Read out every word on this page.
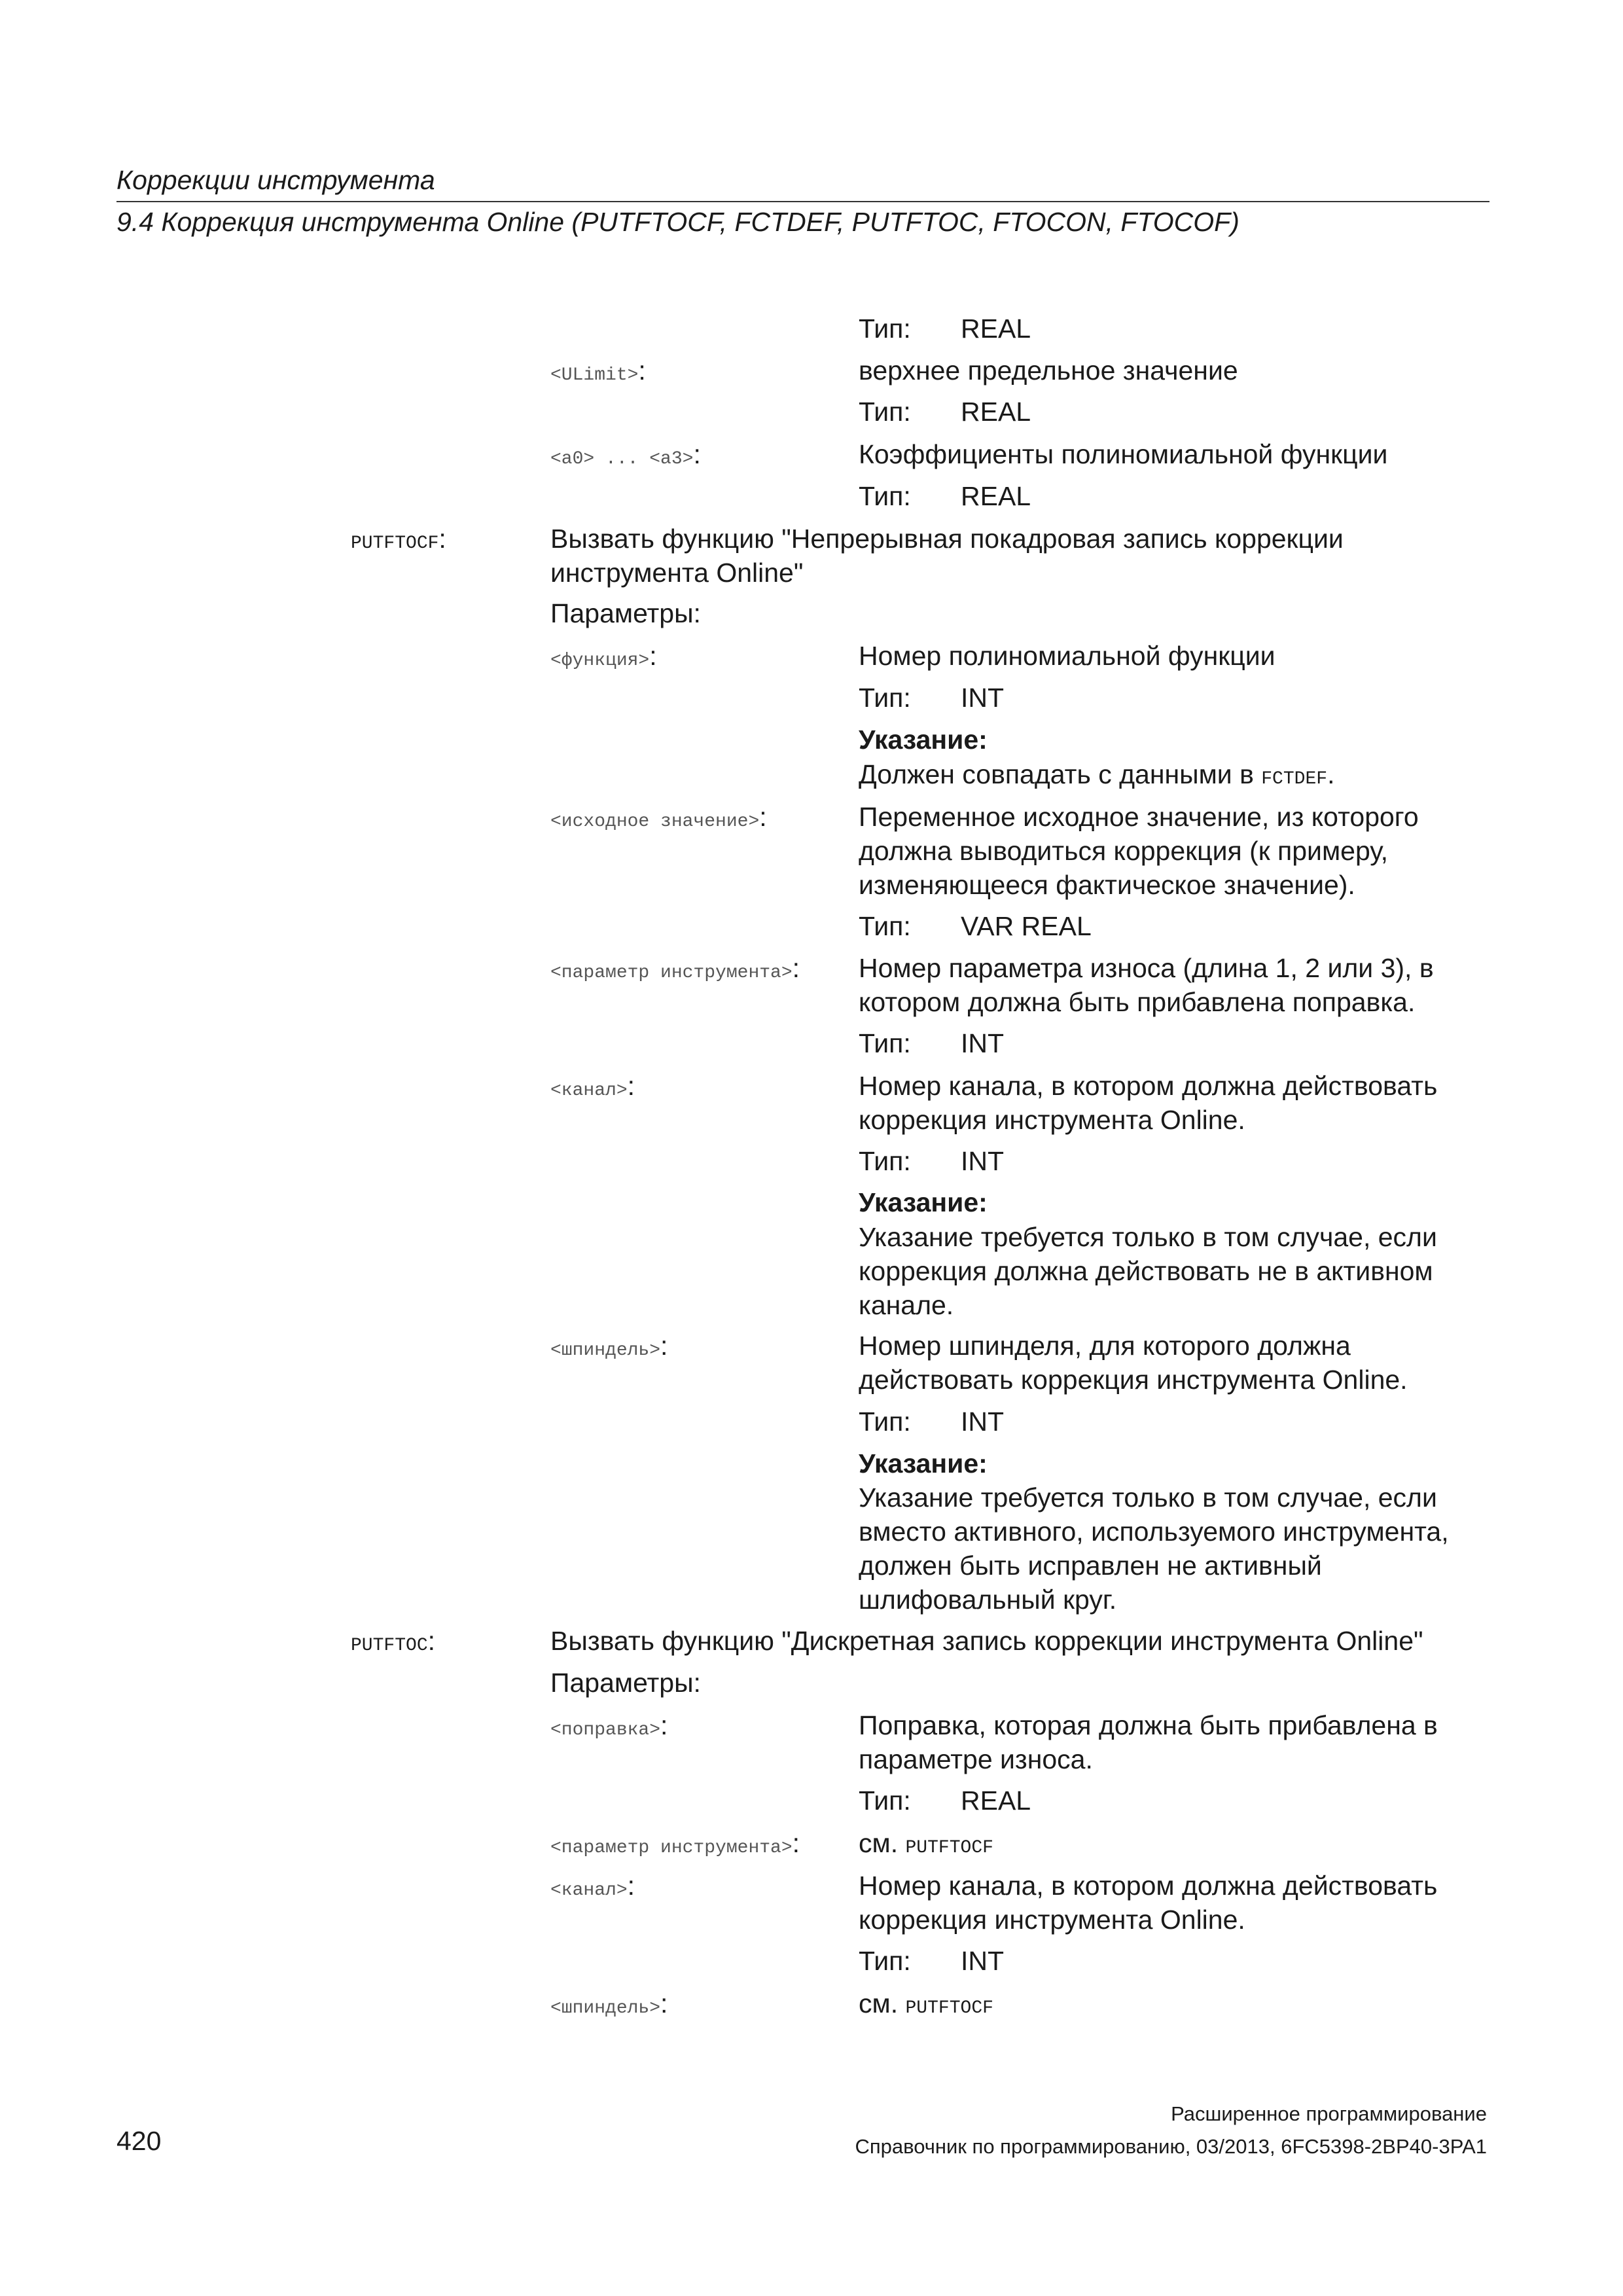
Коррекции инструмента
9.4 Коррекция инструмента Online (PUTFTOCF, FCTDEF, PUTFTOC, FTOCON, FTOCOF)
Тип: REAL
<ULimit>:	верхнее предельное значение
Тип: REAL
<a0> ... <a3>:	Коэффициенты полиномиальной функции
Тип: REAL
PUTFTOCF:	Вызвать функцию "Непрерывная покадровая запись коррекции
инструмента Online"
Параметры:
<функция>:	Номер полиномиальной функции
Тип: INT
Указание:
Должен совпадать с данными в FCTDEF.
<исходное значение>:	Переменное исходное значение, из которого
должна выводиться коррекция (к примеру,
изменяющееся фактическое значение).
Тип: VAR REAL
<параметр инструмента>: Номер параметра износа (длина 1, 2 или 3), в
котором должна быть прибавлена поправка.
Тип: INT
<канал>:	Номер канала, в котором должна действовать
коррекция инструмента Online.
Тип: INT
Указание:
Указание требуется только в том случае, если
коррекция должна действовать не в активном
канале.
<шпиндель>:	Номер шпинделя, для которого должна
действовать коррекция инструмента Online.
Тип: INT
Указание:
Указание требуется только в том случае, если
вместо активного, используемого инструмента,
должен быть исправлен не активный
шлифовальный круг.
PUTFTOC:	Вызвать функцию "Дискретная запись коррекции инструмента Online"
Параметры:
<поправка>:	Поправка, которая должна быть прибавлена в
параметре износа.
Тип: REAL
<параметр инструмента>: см. PUTFTOCF
<канал>:	Номер канала, в котором должна действовать
коррекция инструмента Online.
Тип: INT
<шпиндель>:	см. PUTFTOCF
Расширенное программирование
Справочник по программированию, 03/2013, 6FC5398-2BP40-3PA1
420
